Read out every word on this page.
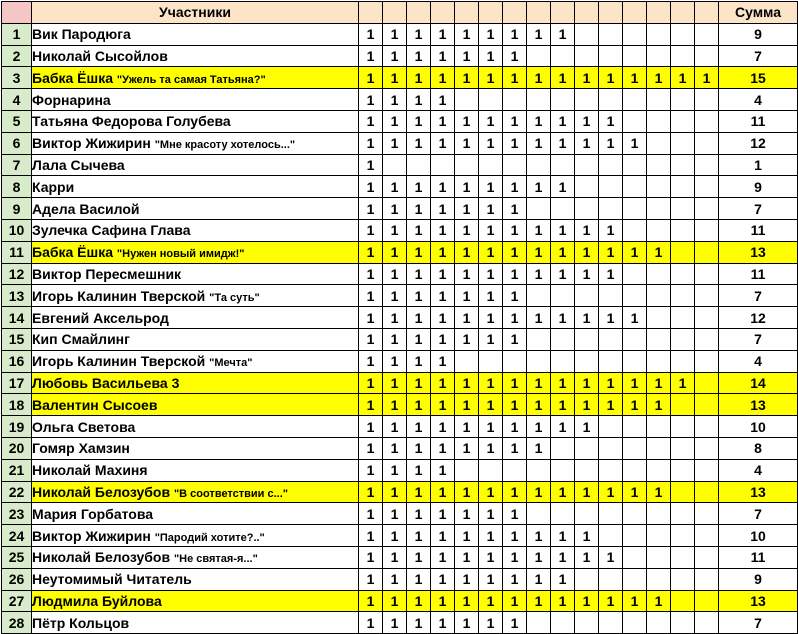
	Участники																Сумма
1	Вик Пародюга	1	1	1	1	1	1	1	1	1							9
2	Николай Сысойлов	1	1	1	1	1	1	1									7
3	Бабка Ёшка "Ужель та самая Татьяна?"	1	1	1	1	1	1	1	1	1	1	1	1	1	1	1	15
4	Форнарина	1	1	1	1												4
5	Татьяна Федорова Голубева	1	1	1	1	1	1	1	1	1	1	1					11
6	Виктор Жижирин "Мне красоту хотелось..."	1	1	1	1	1	1	1	1	1	1	1	1				12
7	Лала Сычева	1															1
8	Карри	1	1	1	1	1	1	1	1	1							9
9	Адела Василой	1	1	1	1	1	1	1									7
10	Зулечка Сафина Глава	1	1	1	1	1	1	1	1	1	1	1					11
11	Бабка Ёшка "Нужен новый имидж!"	1	1	1	1	1	1	1	1	1	1	1	1	1			13
12	Виктор Пересмешник	1	1	1	1	1	1	1	1	1	1	1					11
13	Игорь Калинин Тверской "Та суть"	1	1	1	1	1	1	1									7
14	Евгений Аксельрод	1	1	1	1	1	1	1	1	1	1	1	1				12
15	Кип Смайлинг	1	1	1	1	1	1	1									7
16	Игорь Калинин Тверской "Мечта"	1	1	1	1												4
17	Любовь Васильева 3	1	1	1	1	1	1	1	1	1	1	1	1	1	1		14
18	Валентин Сысоев	1	1	1	1	1	1	1	1	1	1	1	1	1			13
19	Ольга Светова	1	1	1	1	1	1	1	1	1	1						10
20	Гомяр Хамзин	1	1	1	1	1	1	1	1								8
21	Николай Махиня	1	1	1	1												4
22	Николай Белозубов "В соответствии с..."	1	1	1	1	1	1	1	1	1	1	1	1	1			13
23	Мария Горбатова	1	1	1	1	1	1	1									7
24	Виктор Жижирин "Пародий хотите?.."	1	1	1	1	1	1	1	1	1	1						10
25	Николай Белозубов "Не святая-я..."	1	1	1	1	1	1	1	1	1	1	1					11
26	Неутомимый Читатель	1	1	1	1	1	1	1	1	1							9
27	Людмила Буйлова	1	1	1	1	1	1	1	1	1	1	1	1	1			13
28	Пётр Кольцов	1	1	1	1	1	1	1									7
